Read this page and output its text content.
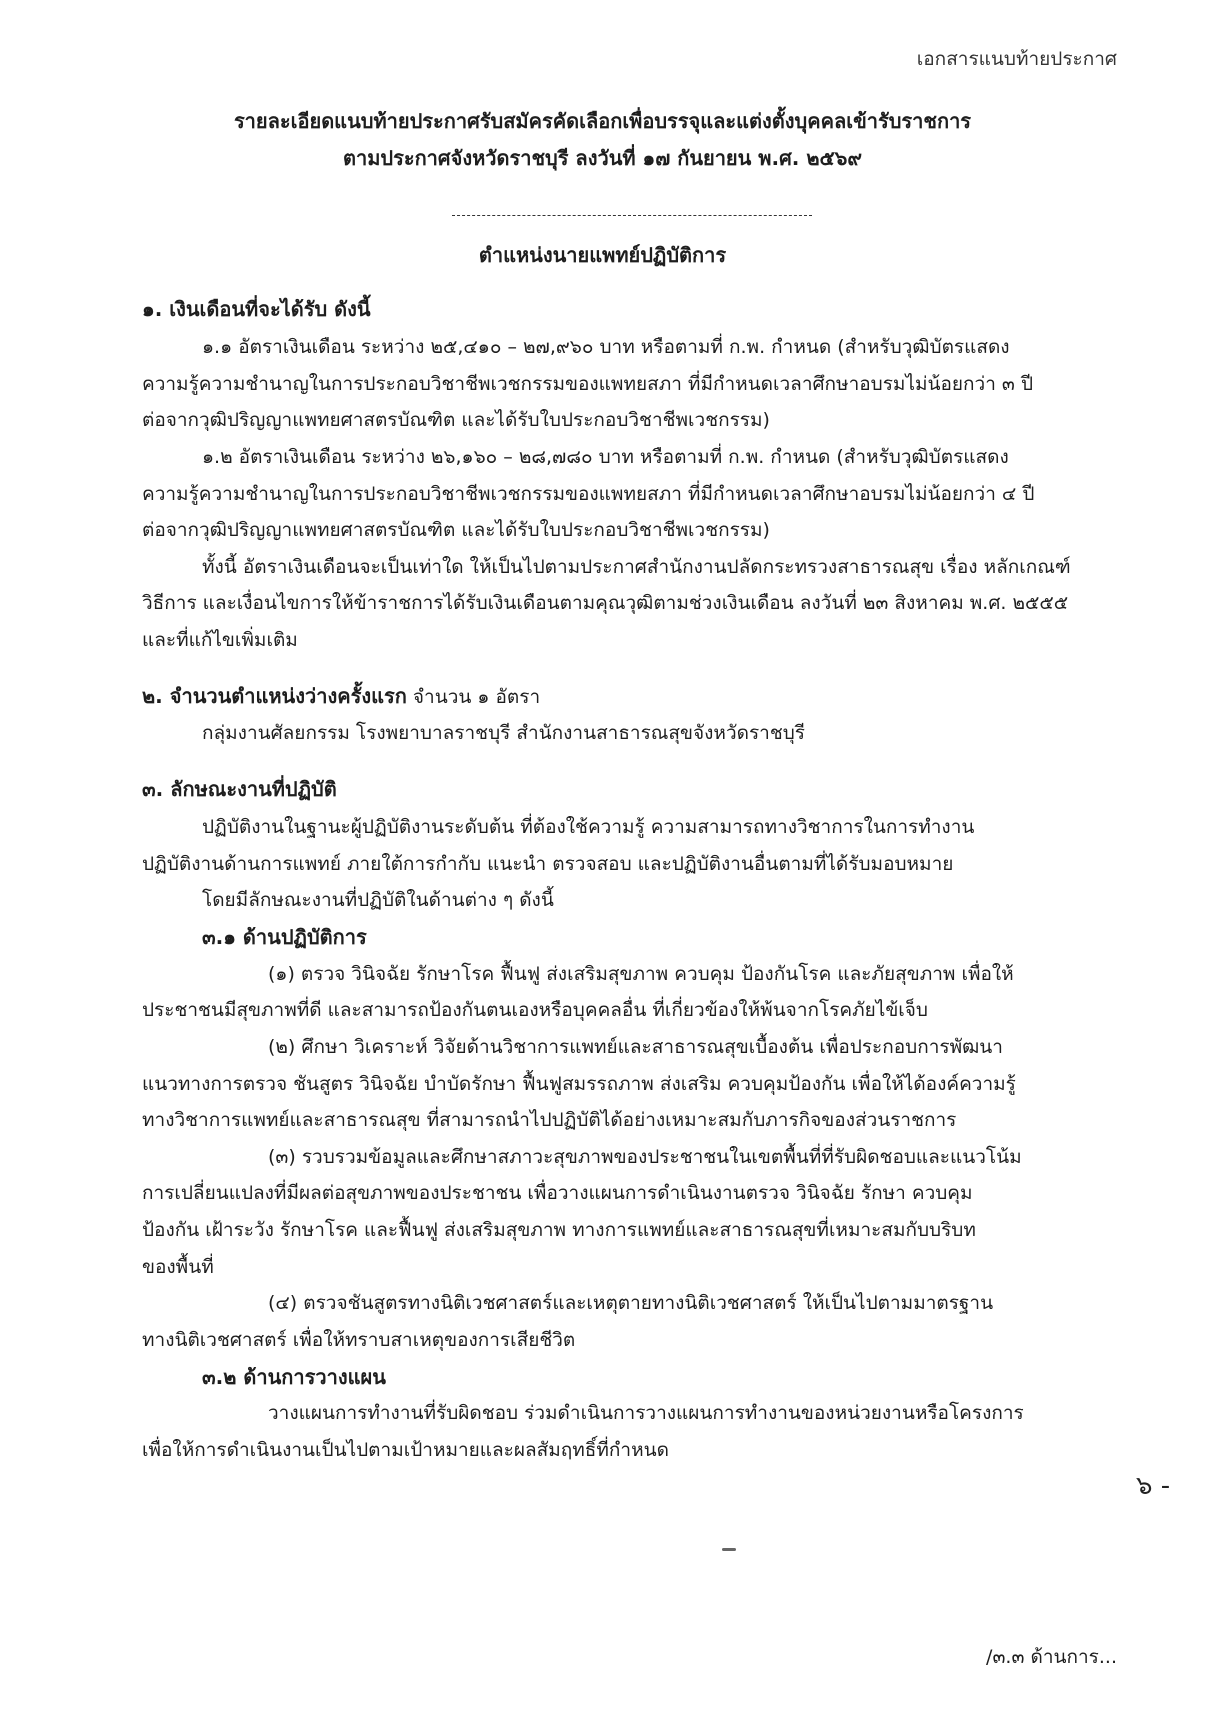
เอกสารแนบท้ายประกาศ
รายละเอียดแนบท้ายประกาศรับสมัครคัดเลือกเพื่อบรรจุและแต่งตั้งบุคคลเข้ารับราชการ
ตามประกาศจังหวัดราชบุรี ลงวันที่ ๑๗ กันยายน พ.ศ. ๒๕๖๙
ตำแหน่งนายแพทย์ปฏิบัติการ
๑. เงินเดือนที่จะได้รับ ดังนี้
๑.๑ อัตราเงินเดือน ระหว่าง ๒๕,๔๑๐ – ๒๗,๙๖๐ บาท หรือตามที่ ก.พ. กำหนด (สำหรับวุฒิบัตรแสดง
ความรู้ความชำนาญในการประกอบวิชาชีพเวชกรรมของแพทยสภา ที่มีกำหนดเวลาศึกษาอบรมไม่น้อยกว่า ๓ ปี
ต่อจากวุฒิปริญญาแพทยศาสตรบัณฑิต และได้รับใบประกอบวิชาชีพเวชกรรม)
๑.๒ อัตราเงินเดือน ระหว่าง ๒๖,๑๖๐ – ๒๘,๗๘๐ บาท หรือตามที่ ก.พ. กำหนด (สำหรับวุฒิบัตรแสดง
ความรู้ความชำนาญในการประกอบวิชาชีพเวชกรรมของแพทยสภา ที่มีกำหนดเวลาศึกษาอบรมไม่น้อยกว่า ๔ ปี
ต่อจากวุฒิปริญญาแพทยศาสตรบัณฑิต และได้รับใบประกอบวิชาชีพเวชกรรม)
ทั้งนี้ อัตราเงินเดือนจะเป็นเท่าใด ให้เป็นไปตามประกาศสำนักงานปลัดกระทรวงสาธารณสุข เรื่อง หลักเกณฑ์
วิธีการ และเงื่อนไขการให้ข้าราชการได้รับเงินเดือนตามคุณวุฒิตามช่วงเงินเดือน ลงวันที่ ๒๓ สิงหาคม พ.ศ. ๒๕๕๕
และที่แก้ไขเพิ่มเติม
๒. จำนวนตำแหน่งว่างครั้งแรก จำนวน ๑ อัตรา
กลุ่มงานศัลยกรรม โรงพยาบาลราชบุรี สำนักงานสาธารณสุขจังหวัดราชบุรี
๓. ลักษณะงานที่ปฏิบัติ
ปฏิบัติงานในฐานะผู้ปฏิบัติงานระดับต้น ที่ต้องใช้ความรู้ ความสามารถทางวิชาการในการทำงาน
ปฏิบัติงานด้านการแพทย์ ภายใต้การกำกับ แนะนำ ตรวจสอบ และปฏิบัติงานอื่นตามที่ได้รับมอบหมาย
โดยมีลักษณะงานที่ปฏิบัติในด้านต่าง ๆ ดังนี้
๓.๑ ด้านปฏิบัติการ
(๑) ตรวจ วินิจฉัย รักษาโรค ฟื้นฟู ส่งเสริมสุขภาพ ควบคุม ป้องกันโรค และภัยสุขภาพ เพื่อให้
ประชาชนมีสุขภาพที่ดี และสามารถป้องกันตนเองหรือบุคคลอื่น ที่เกี่ยวข้องให้พ้นจากโรคภัยไข้เจ็บ
(๒) ศึกษา วิเคราะห์ วิจัยด้านวิชาการแพทย์และสาธารณสุขเบื้องต้น เพื่อประกอบการพัฒนา
แนวทางการตรวจ ชันสูตร วินิจฉัย บำบัดรักษา ฟื้นฟูสมรรถภาพ ส่งเสริม ควบคุมป้องกัน เพื่อให้ได้องค์ความรู้
ทางวิชาการแพทย์และสาธารณสุข ที่สามารถนำไปปฏิบัติได้อย่างเหมาะสมกับภารกิจของส่วนราชการ
(๓) รวบรวมข้อมูลและศึกษาสภาวะสุขภาพของประชาชนในเขตพื้นที่ที่รับผิดชอบและแนวโน้ม
การเปลี่ยนแปลงที่มีผลต่อสุขภาพของประชาชน เพื่อวางแผนการดำเนินงานตรวจ วินิจฉัย รักษา ควบคุม
ป้องกัน เฝ้าระวัง รักษาโรค และฟื้นฟู ส่งเสริมสุขภาพ ทางการแพทย์และสาธารณสุขที่เหมาะสมกับบริบท
ของพื้นที่
(๔) ตรวจชันสูตรทางนิติเวชศาสตร์และเหตุตายทางนิติเวชศาสตร์ ให้เป็นไปตามมาตรฐาน
ทางนิติเวชศาสตร์ เพื่อให้ทราบสาเหตุของการเสียชีวิต
๓.๒ ด้านการวางแผน
วางแผนการทำงานที่รับผิดชอบ ร่วมดำเนินการวางแผนการทำงานของหน่วยงานหรือโครงการ
เพื่อให้การดำเนินงานเป็นไปตามเป้าหมายและผลสัมฤทธิ์ที่กำหนด
๖ -
/๓.๓ ด้านการ...
